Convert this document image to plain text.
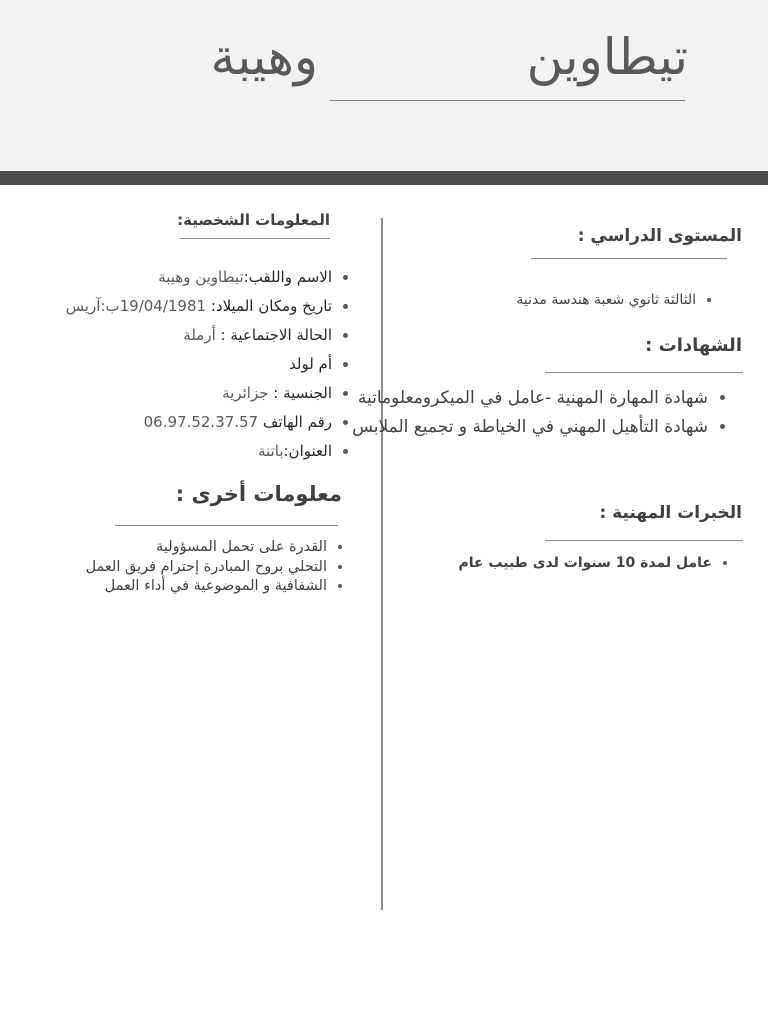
تيطاوين
وهيبة
المستوى الدراسي :
• الثالثة ثانوي شعبة هندسة مدنية
الشهادات :
• شهادة المهارة المهنية -عامل في الميكرومعلوماتية
• شهادة التأهيل المهني في الخياطة و تجميع الملابس
الخبرات المهنية :
• عامل لمدة 10 سنوات لدى طبيب عام
المعلومات الشخصية:
• الاسم واللقب:تيطاوين وهيبة
• تاريخ ومكان الميلاد: 19/04/1981ب:آريس
• الحالة الاجتماعية : أرملة
• أم لولد
• الجنسية : جزائرية
• رقم الهاتف 06.97.52.37.57
• العنوان:باتنة
معلومات أخرى :
• القدرة على تحمل المسؤولية
• التحلي بروح المبادرة إحترام فريق العمل
• الشفافية و الموضوعية في أداء العمل
